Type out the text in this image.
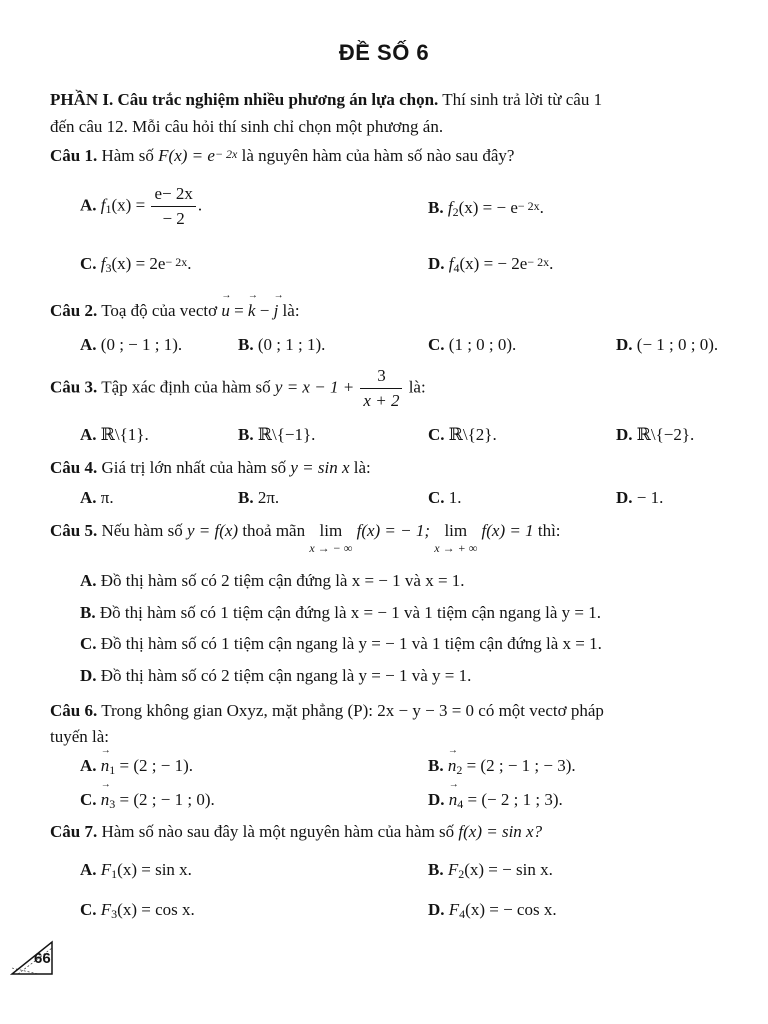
ĐỀ SỐ 6
PHẦN I. Câu trắc nghiệm nhiều phương án lựa chọn. Thí sinh trả lời từ câu 1
đến câu 12. Mỗi câu hỏi thí sinh chỉ chọn một phương án.
Câu 1. Hàm số $F(x) = e^{- 2x}$ là nguyên hàm của hàm số nào sau đây?
A. $f_1(x) = \frac{e- 2x}{- 2}$ .	B. $f_2(x)$ = − $e^{- 2x}$.
C. $f_3(x) = 2e^{- 2x}$.	D. $f_4(x)$ = − $2e^{- 2x}$.
Câu 2. Toạ độ của vectơ u → = k → − j → là:
A. (0 ; − 1 ; 1).	B. (0 ; 1 ; 1).	C. (1 ; 0 ; 0).	D. (− 1 ; 0 ; 0).
Câu 3. Tập xác định của hàm số $y = x - 1 + \frac{3}{x + 2}$ là:
A. ℝ\{1}.	B. ℝ\{−1}.	C. ℝ\{2}.	D. ℝ\{−2}.
Câu 4. Giá trị lớn nhất của hàm số y = sin x là:
A. π.	B. 2π.	C. 1.	D. − 1.
Câu 5. Nếu hàm số y = f(x) thoả mãn lim
x → − ∞
f(x) = − 1; lim
x → + ∞
f(x) = 1 thì:
A. Đồ thị hàm số có 2 tiệm cận đứng là x = − 1 và x = 1.
B. Đồ thị hàm số có 1 tiệm cận đứng là x = − 1 và 1 tiệm cận ngang là y = 1.
C. Đồ thị hàm số có 1 tiệm cận ngang là y = − 1 và 1 tiệm cận đứng là x = 1.
D. Đồ thị hàm số có 2 tiệm cận ngang là y = − 1 và y = 1.
Câu 6. Trong không gian Oxyz, mặt phẳng (P): 2x − y − 3 = 0 có một vectơ pháp
tuyến là:
A. $n \to_1 = (2$ ; − 1).	B. $n \to_2 = (2$ ; − 1 ; − 3).
C. $n \to_3 = (2$ ; − 1 ; 0).	D. $n \to_4$ = (− 2 ; 1 ; 3).
Câu 7. Hàm số nào sau đây là một nguyên hàm của hàm số f(x) = sin x?
A. $F_1(x) = \sin x$.	B. $F_2(x)$ = − sin x.
C. $F_3(x) = \cos x$.	D. $F_4(x)$ = − cos x.
66
